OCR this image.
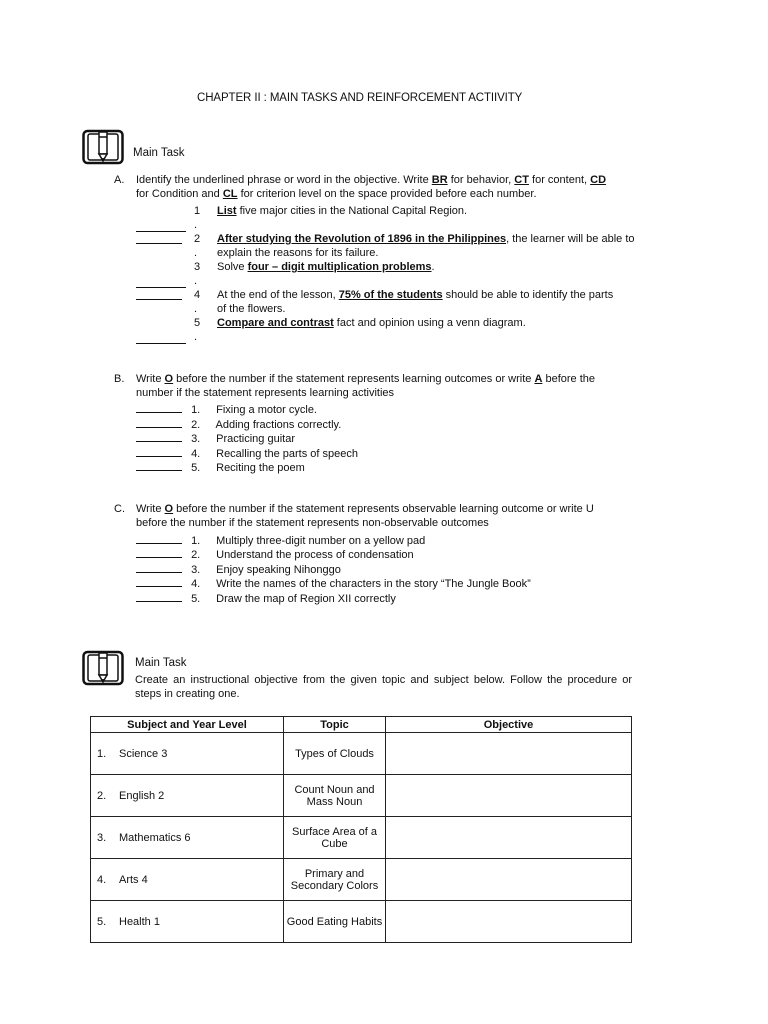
CHAPTER II : MAIN TASKS AND REINFORCEMENT ACTIIVITY
Main Task
A. Identify the underlined phrase or word in the objective. Write BR for behavior, CT for content, CD
for Condition and CL for criterion level on the space provided before each number.
1
.
List five major cities in the National Capital Region.
2
.
After studying the Revolution of 1896 in the Philippines, the learner will be able to
explain the reasons for its failure.
3
.
Solve four – digit multiplication problems.
4
.
At the end of the lesson, 75% of the students should be able to identify the parts
of the flowers.
5
.
Compare and contrast fact and opinion using a venn diagram.
B. Write O before the number if the statement represents learning outcomes or write A before the
number if the statement represents learning activities
1. Fixing a motor cycle.
2. Adding fractions correctly.
3. Practicing guitar
4. Recalling the parts of speech
5. Reciting the poem
C. Write O before the number if the statement represents observable learning outcome or write U
before the number if the statement represents non-observable outcomes
1. Multiply three-digit number on a yellow pad
2. Understand the process of condensation
3. Enjoy speaking Nihonggo
4. Write the names of the characters in the story “The Jungle Book”
5. Draw the map of Region XII correctly
Main Task
Create an instructional objective from the given topic and subject below. Follow the procedure or steps in creating one.
Subject and Year Level	Topic	Objective
1. Science 3	Types of Clouds	
2. English 2	Count Noun and
Mass Noun	
3. Mathematics 6	Surface Area of a
Cube	
4. Arts 4	Primary and
Secondary Colors	
5. Health 1	Good Eating Habits	
